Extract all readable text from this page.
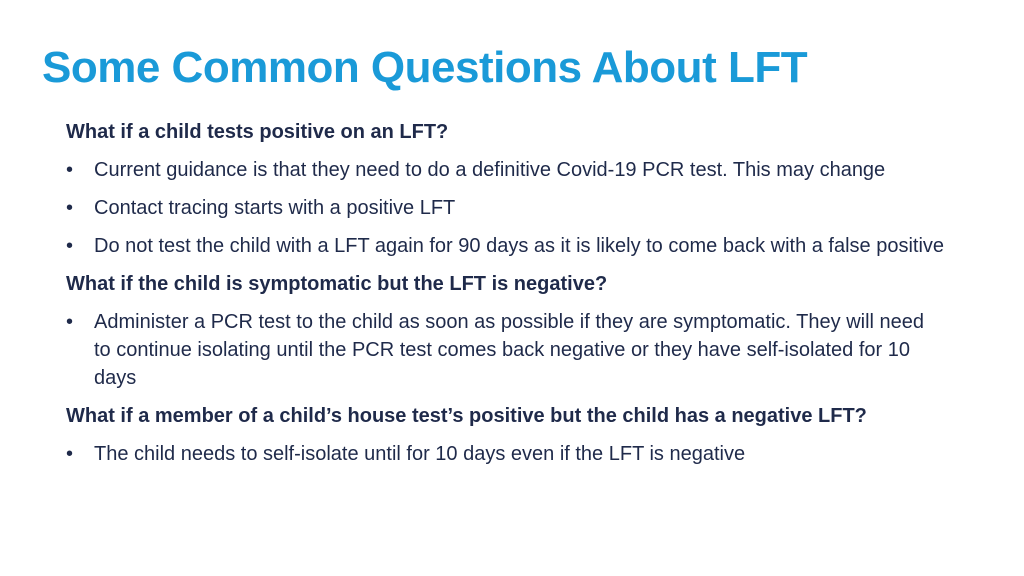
Some Common Questions About LFT

What if a child tests positive on an LFT?

• Current guidance is that they need to do a definitive Covid-19 PCR test. This may change
• Contact tracing starts with a positive LFT
• Do not test the child with a LFT again for 90 days as it is likely to come back with a false positive

What if the child is symptomatic but the LFT is negative?

• Administer a PCR test to the child as soon as possible if they are symptomatic. They will need to continue isolating until the PCR test comes back negative or they have self-isolated for 10 days

What if a member of a child’s house test’s positive but the child has a negative LFT?

• The child needs to self-isolate until for 10 days even if the LFT is negative
